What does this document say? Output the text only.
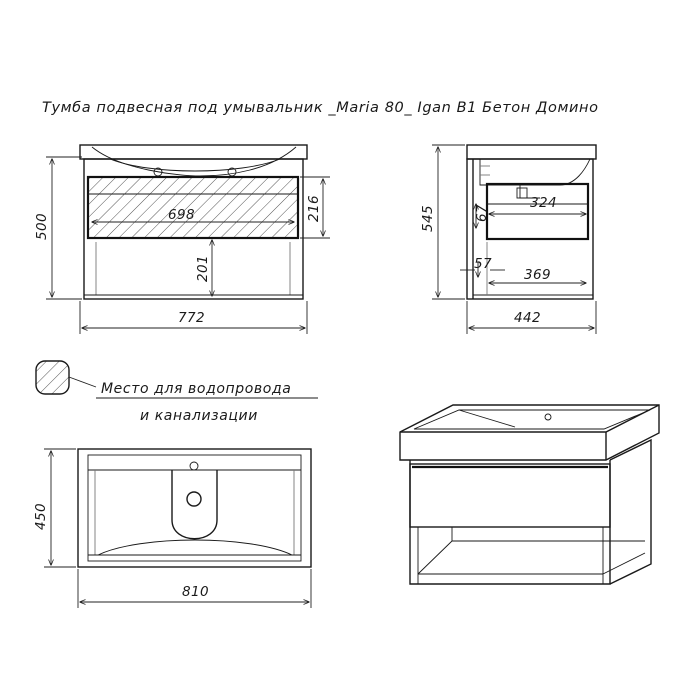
Тумба подвесная под умывальник _Maria 80_ Igan B1 Бетон Домино
500
216
698
201
772
545
324
67
369
57
442
Место для водопровода
и канализации
450
810
